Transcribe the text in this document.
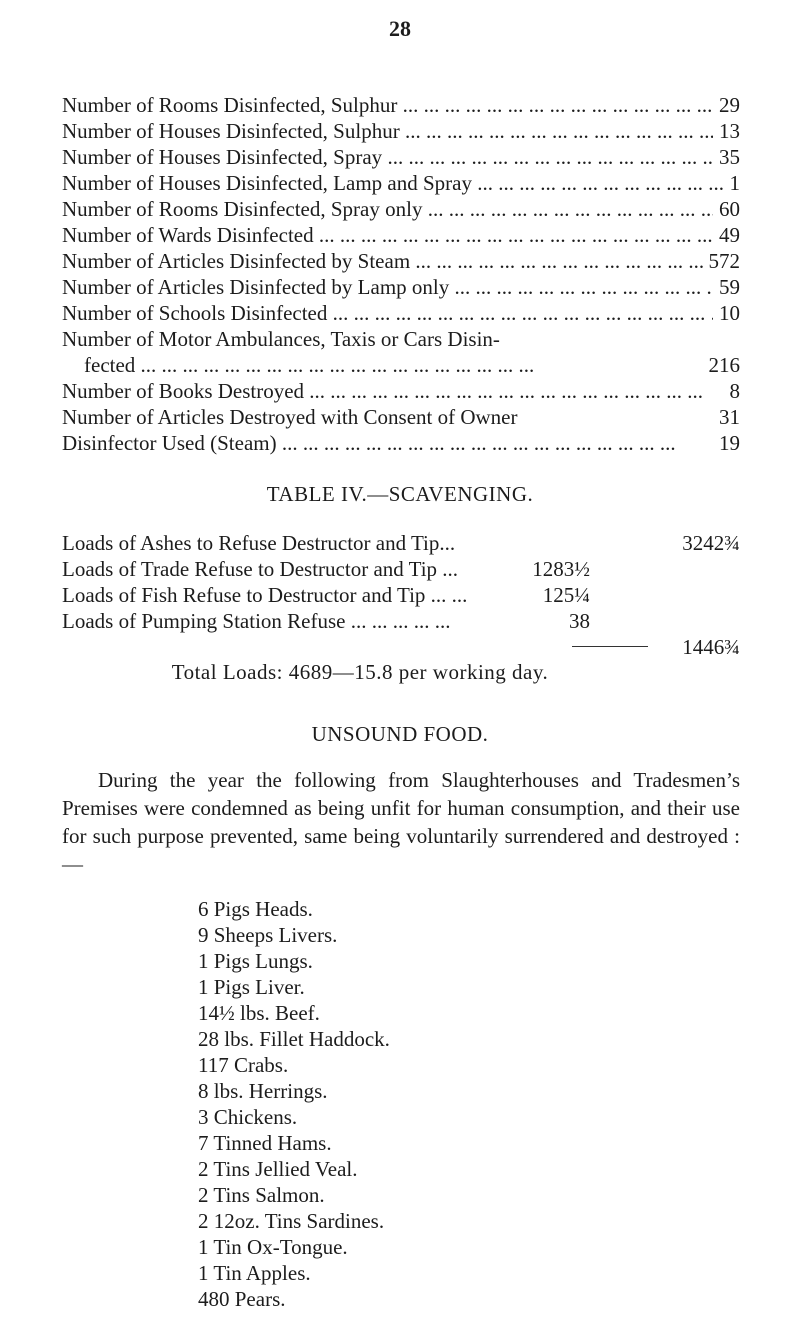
28
Number of Rooms Disinfected, Sulphur ... .	29
Number of Houses Disinfected, Sulphur ... .	13
Number of Houses Disinfected, Spray ... .	35
Number of Houses Disinfected, Lamp and Spray ... .	1
Number of Rooms Disinfected, Spray only ... .	60
Number of Wards Disinfected ... .	49
Number of Articles Disinfected by Steam ... .	572
Number of Articles Disinfected by Lamp only ... .	59
Number of Schools Disinfected ... .	10
Number of Motor Ambulances, Taxis or Cars Disin-
fected ... .	216
Number of Books Destroyed ... .	8
Number of Articles Destroyed with Consent of Owner	31
Disinfector Used (Steam) ... .	19
TABLE IV.—SCAVENGING.
Loads of Ashes to Refuse Destructor and Tip...	3242¾
Loads of Trade Refuse to Destructor and Tip ...	1283½
Loads of Fish Refuse to Destructor and Tip ... ...	125¼
Loads of Pumping Station Refuse ... ... ... ... ...	38
1446¾
Total Loads: 4689—15.8 per working day.
UNSOUND FOOD.
During the year the following from Slaughterhouses and Tradesmen’s Premises were condemned as being unfit for human consumption, and their use for such purpose prevented, same being voluntarily surrendered and destroyed :—
6 Pigs Heads.
9 Sheeps Livers.
1 Pigs Lungs.
1 Pigs Liver.
14½ lbs. Beef.
28 lbs. Fillet Haddock.
117 Crabs.
8 lbs. Herrings.
3 Chickens.
7 Tinned Hams.
2 Tins Jellied Veal.
2 Tins Salmon.
2 12oz. Tins Sardines.
1 Tin Ox-Tongue.
1 Tin Apples.
480 Pears.
